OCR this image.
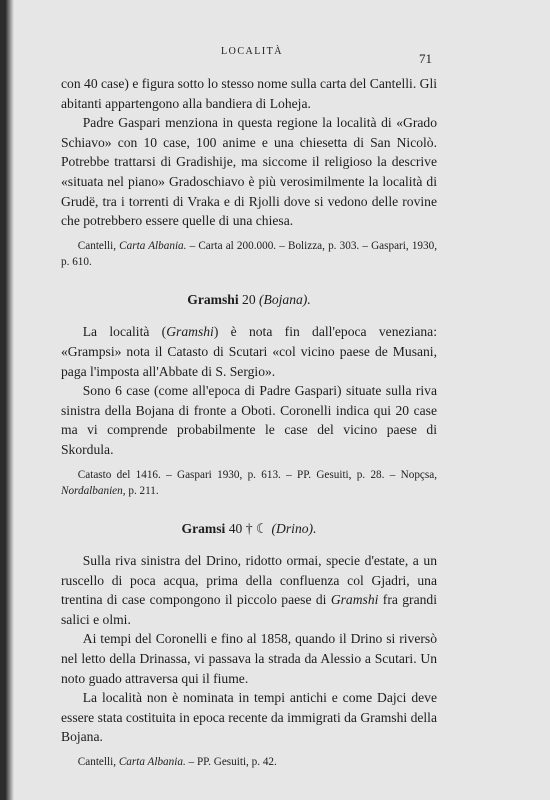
LOCALITÀ	71

con 40 case) e figura sotto lo stesso nome sulla carta del Cantelli. Gli abitanti appartengono alla bandiera di Loheja.

Padre Gaspari menziona in questa regione la località di «Grado Schiavo» con 10 case, 100 anime e una chiesetta di San Nicolò. Potrebbe trattarsi di Gradishije, ma siccome il religioso la descrive «situata nel piano» Gradoschiavo è più verosimilmente la località di Grudë, tra i torrenti di Vraka e di Rjolli dove si vedono delle rovine che potrebbero essere quelle di una chiesa.

Cantelli, Carta Albania. – Carta al 200.000. – Bolizza, p. 303. – Gaspari, 1930, p. 610.

Gramshi 20 (Bojana).

La località (Gramshi) è nota fin dall'epoca veneziana: «Grampsi» nota il Catasto di Scutari «col vicino paese de Musani, paga l'imposta all'Abbate di S. Sergio».

Sono 6 case (come all'epoca di Padre Gaspari) situate sulla riva sinistra della Bojana di fronte a Oboti. Coronelli indica qui 20 case ma vi comprende probabilmente le case del vicino paese di Skordula.

Catasto del 1416. – Gaspari 1930, p. 613. – PP. Gesuiti, p. 28. – Nopçsa, Nordalbanien, p. 211.

Gramsi 40 † ☾ (Drino).

Sulla riva sinistra del Drino, ridotto ormai, specie d'estate, a un ruscello di poca acqua, prima della confluenza col Gjadri, una trentina di case compongono il piccolo paese di Gramshi fra grandi salici e olmi.

Ai tempi del Coronelli e fino al 1858, quando il Drino si riversò nel letto della Drinassa, vi passava la strada da Alessio a Scutari. Un noto guado attraversa qui il fiume.

La località non è nominata in tempi antichi e come Dajci deve essere stata costituita in epoca recente da immigrati da Gramshi della Bojana.

Cantelli, Carta Albania. – PP. Gesuiti, p. 42.
